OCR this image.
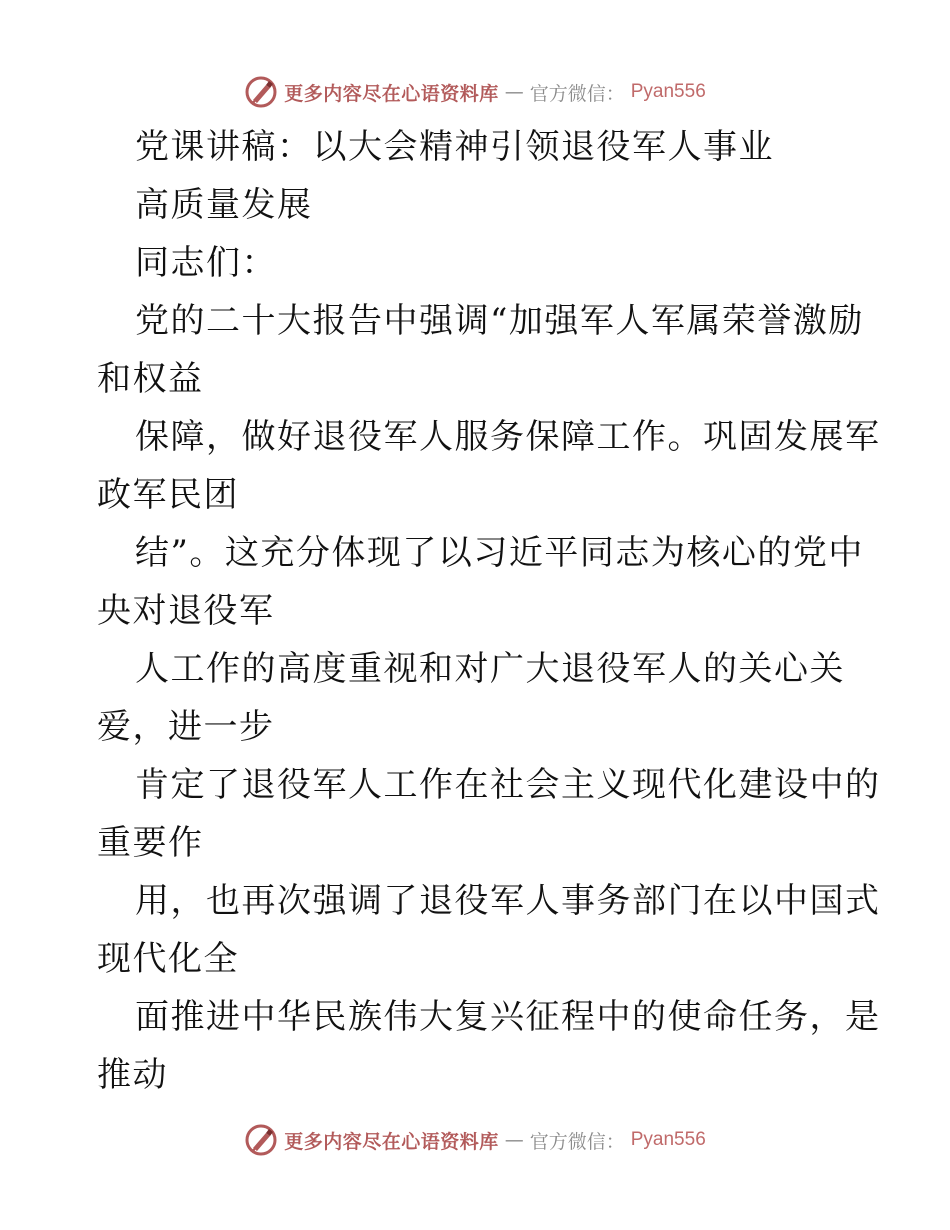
更多内容尽在心语资料库 — 官方微信： Pyan556
党课讲稿：以大会精神引领退役军人事业
高质量发展
同志们：
党的二十大报告中强调“加强军人军属荣誉激励
和权益
保障，做好退役军人服务保障工作。巩固发展军
政军民团
结”。这充分体现了以习近平同志为核心的党中
央对退役军
人工作的高度重视和对广大退役军人的关心关
爱，进一步
肯定了退役军人工作在社会主义现代化建设中的
重要作
用，也再次强调了退役军人事务部门在以中国式
现代化全
面推进中华民族伟大复兴征程中的使命任务，是
推动
更多内容尽在心语资料库 — 官方微信： Pyan556
